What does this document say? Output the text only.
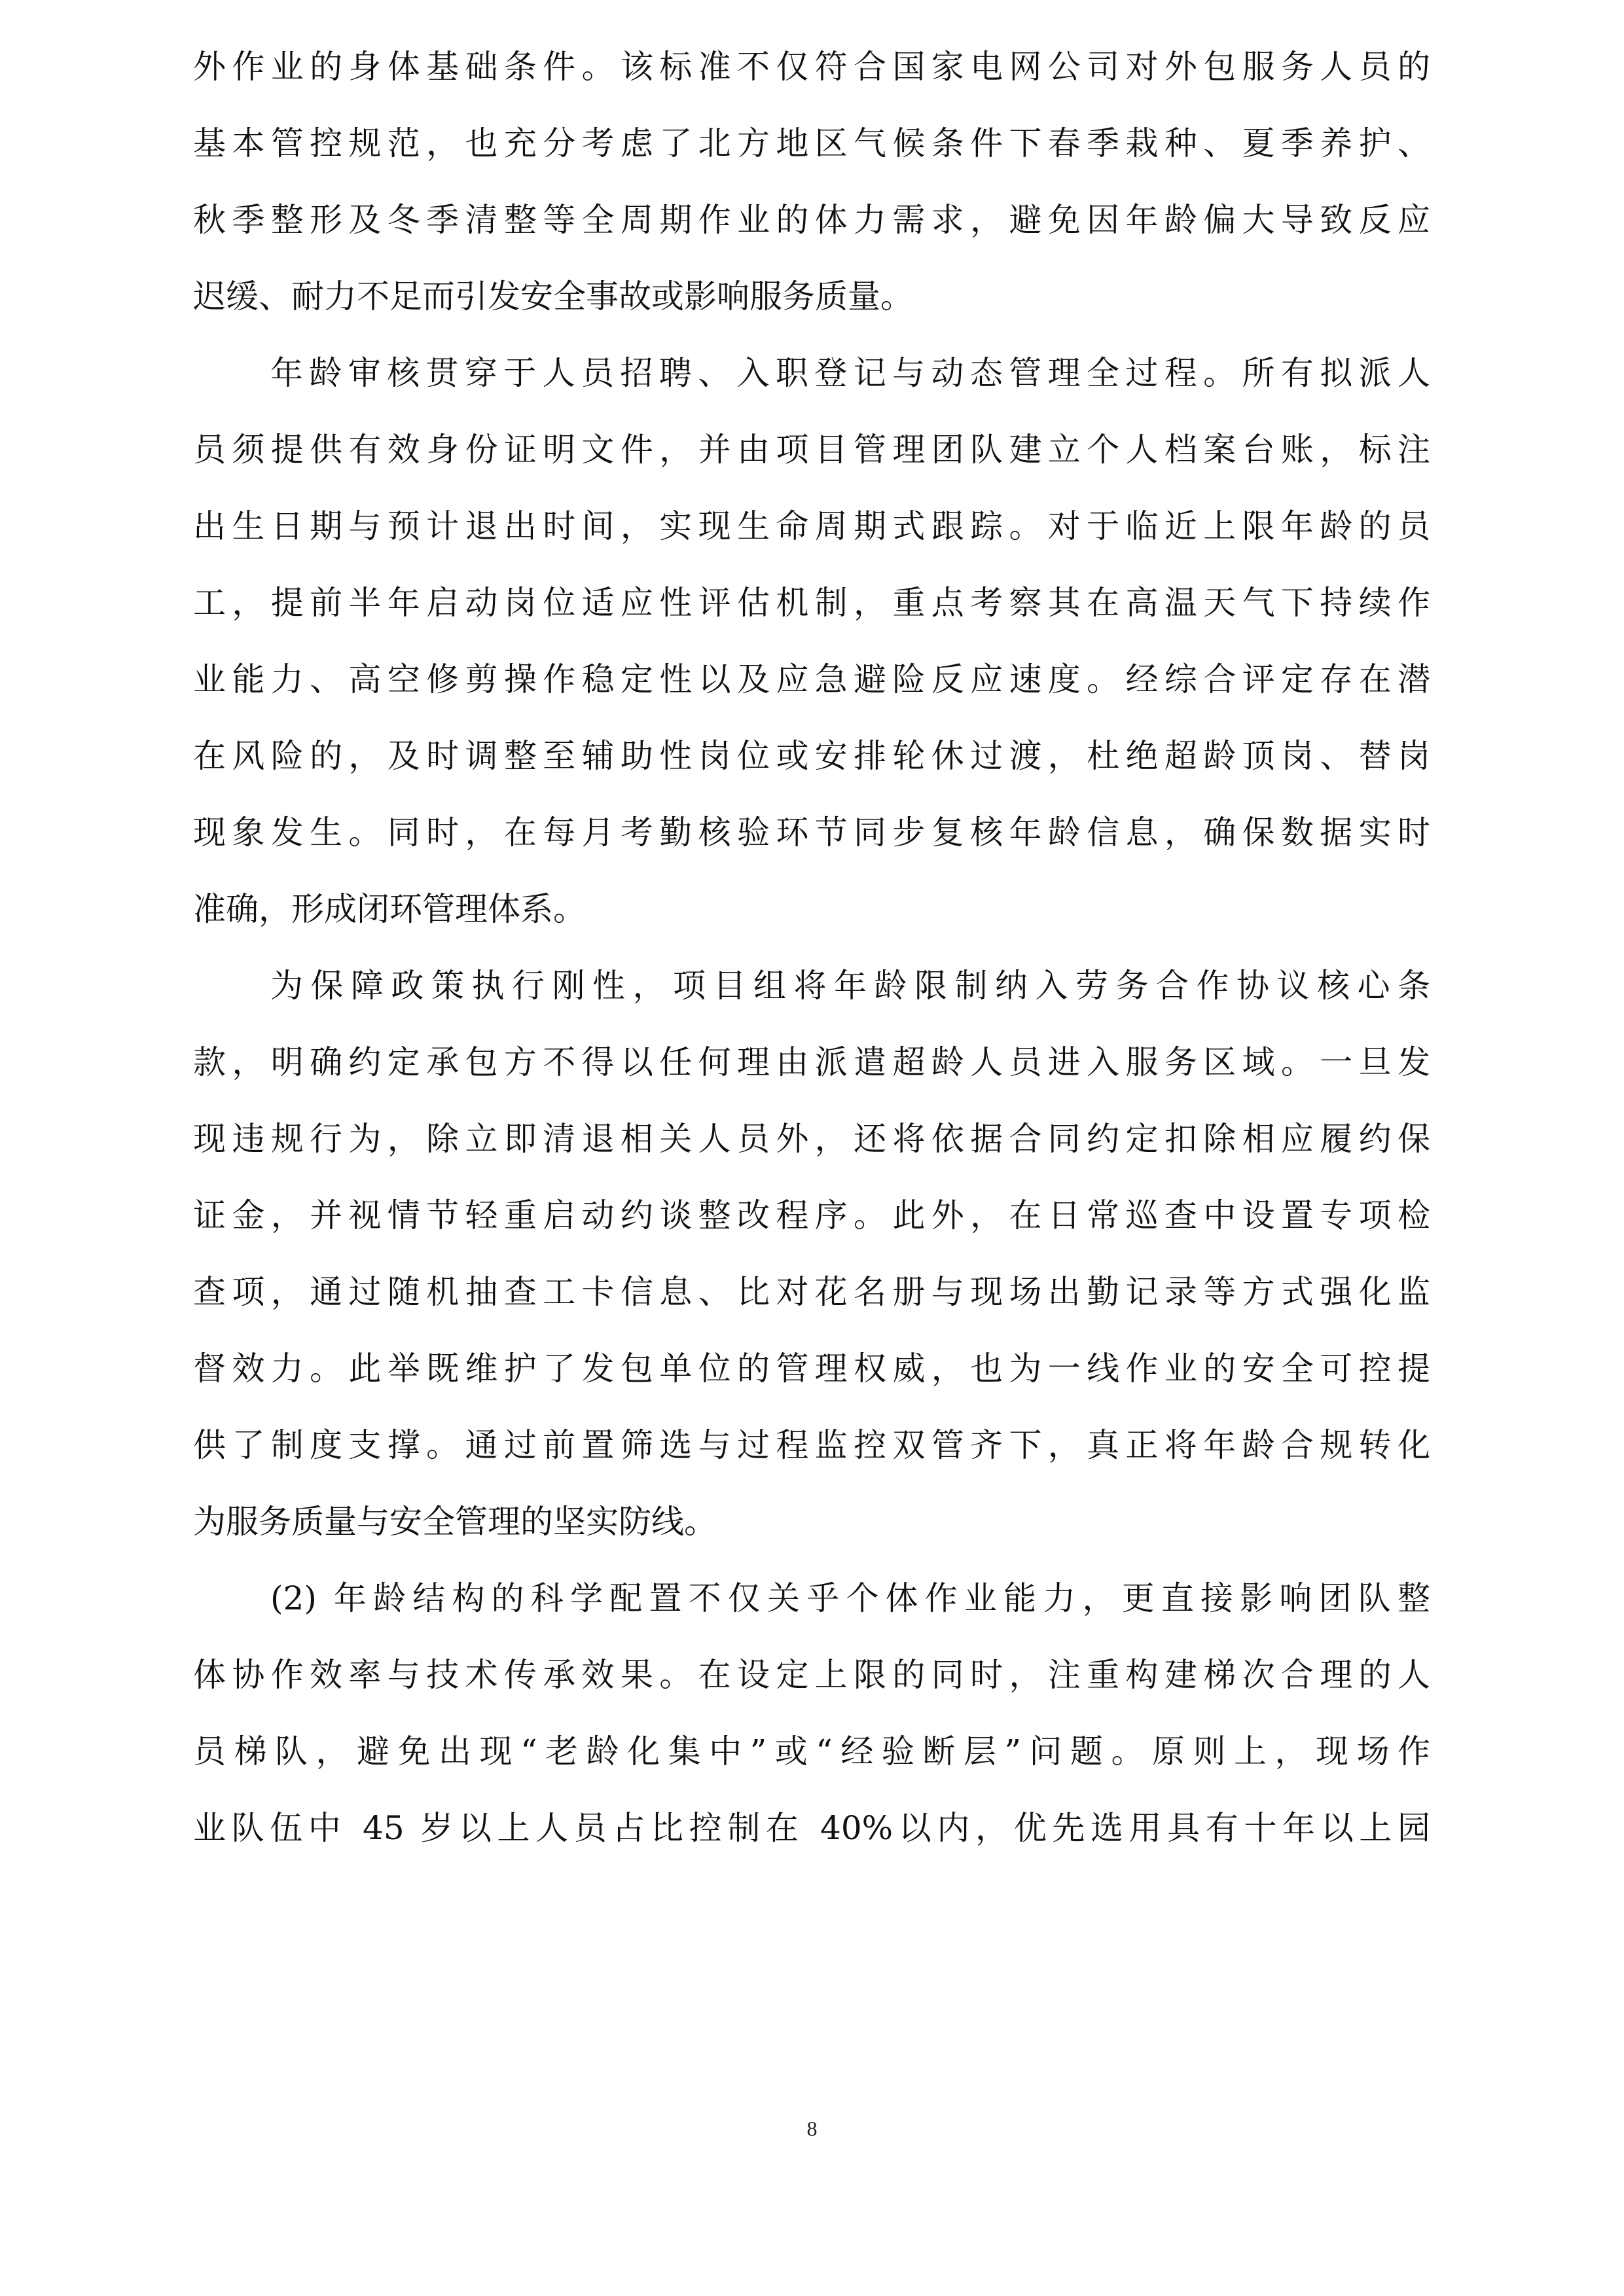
外作业的身体基础条件。该标准不仅符合国家电网公司对外包服务人员的
基本管控规范，也充分考虑了北方地区气候条件下春季栽种、夏季养护、
秋季整形及冬季清整等全周期作业的体力需求，避免因年龄偏大导致反应
迟缓、耐力不足而引发安全事故或影响服务质量。
年龄审核贯穿于人员招聘、入职登记与动态管理全过程。所有拟派人
员须提供有效身份证明文件，并由项目管理团队建立个人档案台账，标注
出生日期与预计退出时间，实现生命周期式跟踪。对于临近上限年龄的员
工，提前半年启动岗位适应性评估机制，重点考察其在高温天气下持续作
业能力、高空修剪操作稳定性以及应急避险反应速度。经综合评定存在潜
在风险的，及时调整至辅助性岗位或安排轮休过渡，杜绝超龄顶岗、替岗
现象发生。同时，在每月考勤核验环节同步复核年龄信息，确保数据实时
准确，形成闭环管理体系。
为保障政策执行刚性，项目组将年龄限制纳入劳务合作协议核心条
款，明确约定承包方不得以任何理由派遣超龄人员进入服务区域。一旦发
现违规行为，除立即清退相关人员外，还将依据合同约定扣除相应履约保
证金，并视情节轻重启动约谈整改程序。此外，在日常巡查中设置专项检
查项，通过随机抽查工卡信息、比对花名册与现场出勤记录等方式强化监
督效力。此举既维护了发包单位的管理权威，也为一线作业的安全可控提
供了制度支撑。通过前置筛选与过程监控双管齐下，真正将年龄合规转化
为服务质量与安全管理的坚实防线。
(2) 年龄结构的科学配置不仅关乎个体作业能力，更直接影响团队整
体协作效率与技术传承效果。在设定上限的同时，注重构建梯次合理的人
员梯队，避免出现“老龄化集中”或“经验断层”问题。原则上，现场作
业队伍中 45 岁以上人员占比控制在 40%以内，优先选用具有十年以上园
8
